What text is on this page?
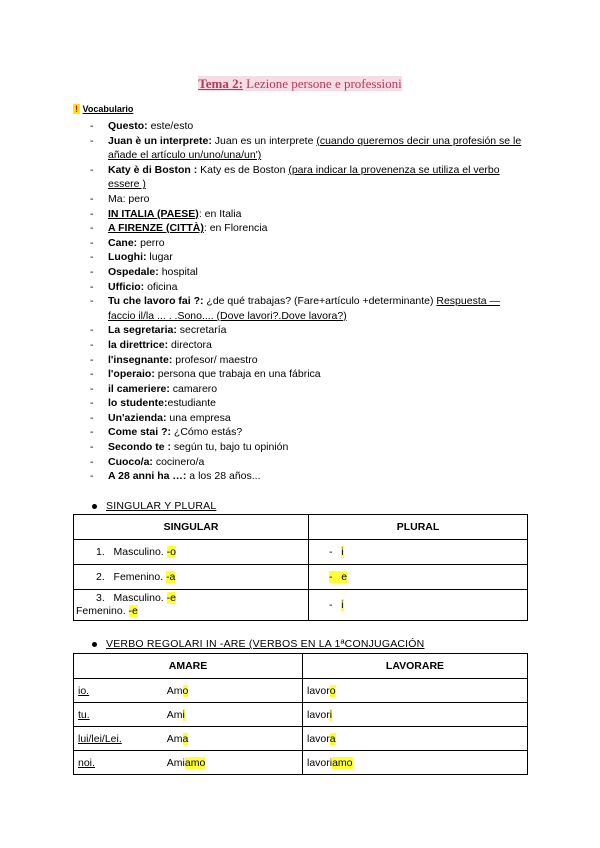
Tema 2: Lezione persone e professioni
! Vocabulario
- Questo: este/esto
- Juan è un interprete: Juan es un interprete (cuando queremos decir una profesión se le añade el artículo un/uno/una/un')
- Katy è di Boston : Katy es de Boston (para indicar la provenenza se utiliza el verbo essere )
- Ma: pero
- IN ITALIA (PAESE): en Italia
- A FIRENZE (CITTÀ): en Florencia
- Cane: perro
- Luoghi: lugar
- Ospedale: hospital
- Ufficio: oficina
- Tu che lavoro fai ?: ¿de qué trabajas? (Fare+artículo +determinante) Respuesta — faccio il/la ... . .Sono.... (Dove lavori?.Dove lavora?)
- La segretaria: secretaría
- la direttrice: directora
- l'insegnante: profesor/ maestro
- l'operaio: persona que trabaja en una fábrica
- il cameriere: camarero
- lo studente:estudiante
- Un'azienda: una empresa
- Come stai ?: ¿Cómo estás?
- Secondo te : según tu, bajo tu opinión
- Cuoco/a: cocinero/a
- A 28 anni ha …: a los 28 años...
SINGULAR Y PLURAL
SINGULAR	PLURAL
1. Masculino. -o	- i
2. Femenino. -a	- e
3. Masculino. -e
Femenino. -e	- i
VERBO REGOLARI IN -ARE (VERBOS EN LA 1ªCONJUGACIÓN
AMARE		LAVORARE
io.	Amo	lavoro
tu.	Ami	lavori
lui/lei/Lei.	Ama	lavora
noi.	Amiamo	lavoriamo
